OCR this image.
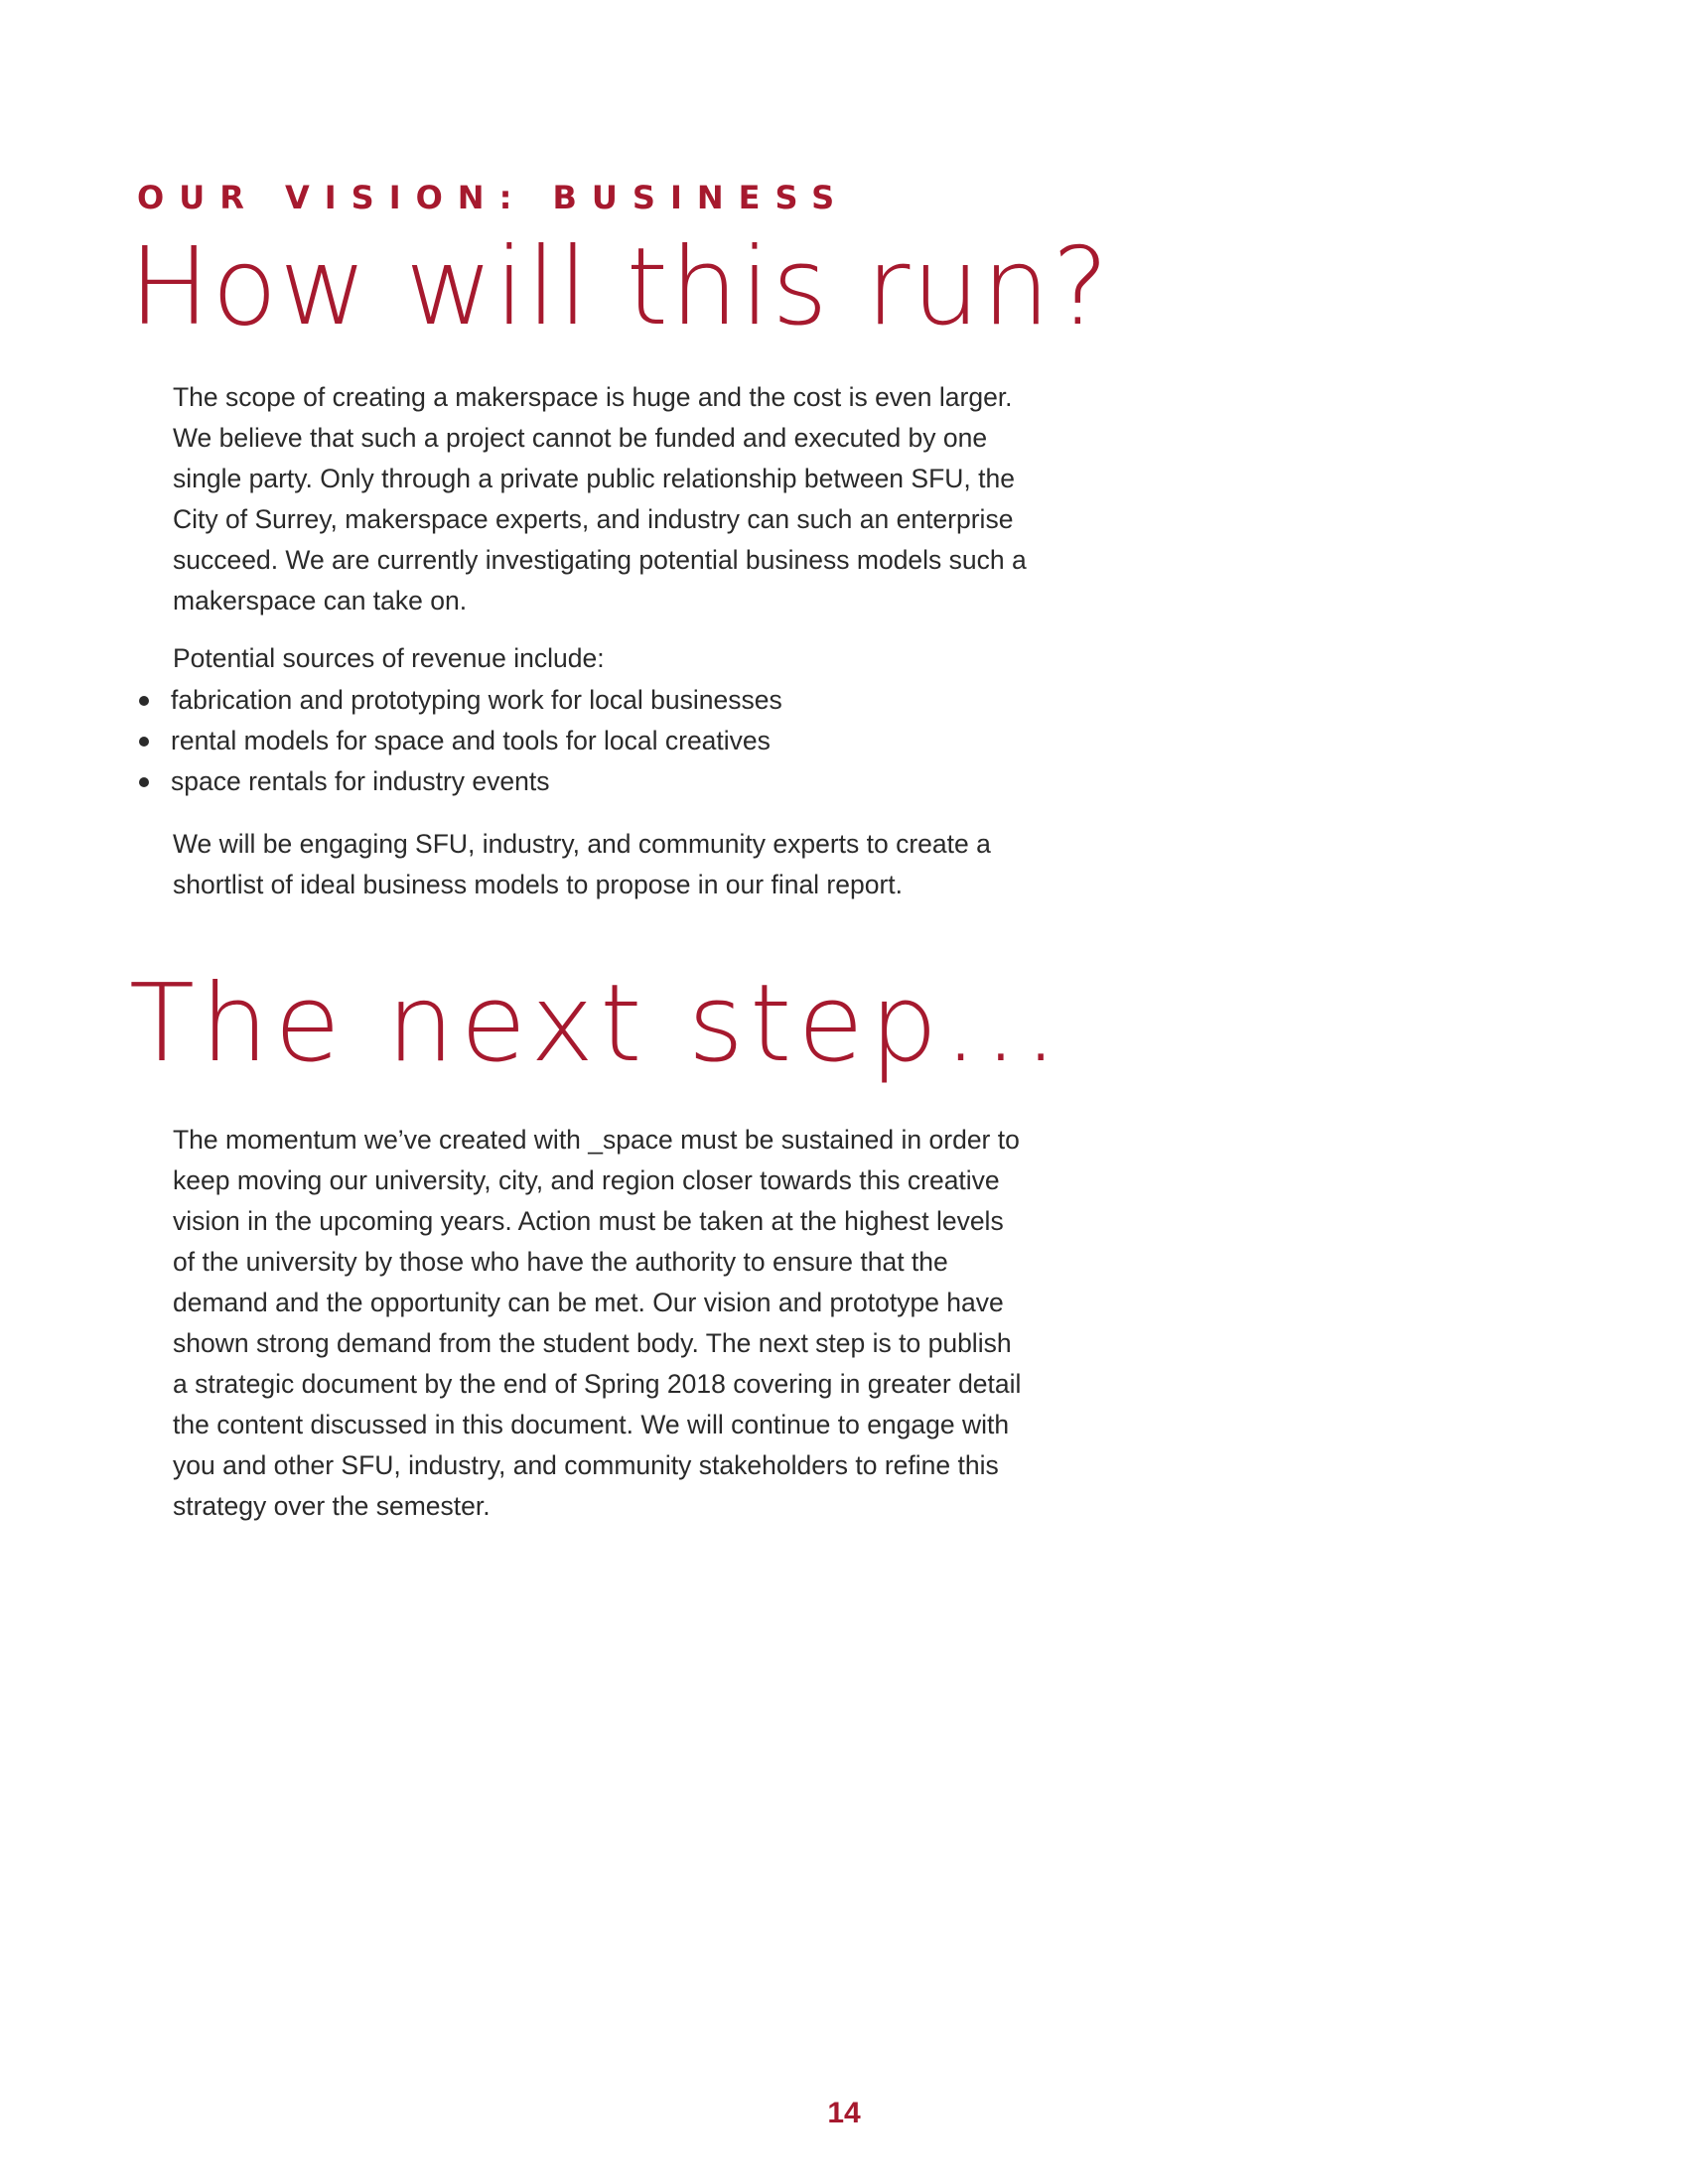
OUR VISION: BUSINESS
How will this run?

The scope of creating a makerspace is huge and the cost is even larger. We believe that such a project cannot be funded and executed by one single party. Only through a private public relationship between SFU, the City of Surrey, makerspace experts, and industry can such an enterprise succeed. We are currently investigating potential business models such a makerspace can take on.

Potential sources of revenue include:

fabrication and prototyping work for local businesses
rental models for space and tools for local creatives
space rentals for industry events

We will be engaging SFU, industry, and community experts to create a shortlist of ideal business models to propose in our final report.

The next step...

The momentum we’ve created with _space must be sustained in order to keep moving our university, city, and region closer towards this creative vision in the upcoming years. Action must be taken at the highest levels of the university by those who have the authority to ensure that the demand and the opportunity can be met. Our vision and prototype have shown strong demand from the student body. The next step is to publish a strategic document by the end of Spring 2018 covering in greater detail the content discussed in this document. We will continue to engage with you and other SFU, industry, and community stakeholders to refine this strategy over the semester.

14
